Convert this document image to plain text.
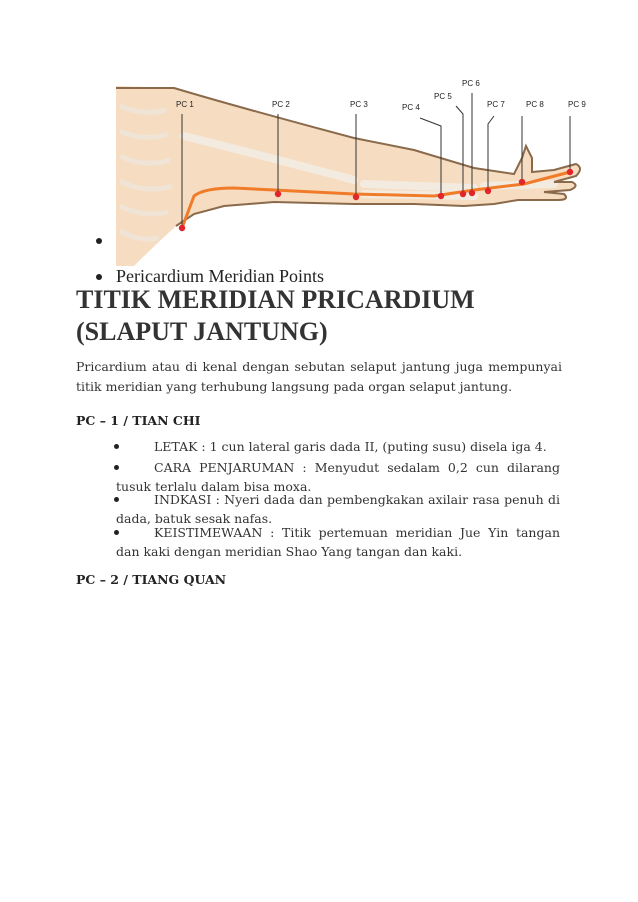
PC 1	PC 2	PC 3	PC 4
PC 5
PC 6
PC 7	PC 8	PC 9
Pericardium Meridian Points
TITIK MERIDIAN PRICARDIUM (SLAPUT JANTUNG)

Pricardium atau di kenal dengan sebutan selaput jantung juga mempunyai titik meridian yang terhubung langsung pada organ selaput jantung.

PC – 1 / TIAN CHI
LETAK : 1 cun lateral garis dada II, (puting susu) disela iga 4.
CARA PENJARUMAN : Menyudut sedalam 0,2 cun dilarang tusuk terlalu dalam bisa moxa.
INDKASI : Nyeri dada dan pembengkakan axilair rasa penuh di dada, batuk sesak nafas.
KEISTIMEWAAN : Titik pertemuan meridian Jue Yin tangan dan kaki dengan meridian Shao Yang tangan dan kaki.
PC – 2 / TIANG QUAN
